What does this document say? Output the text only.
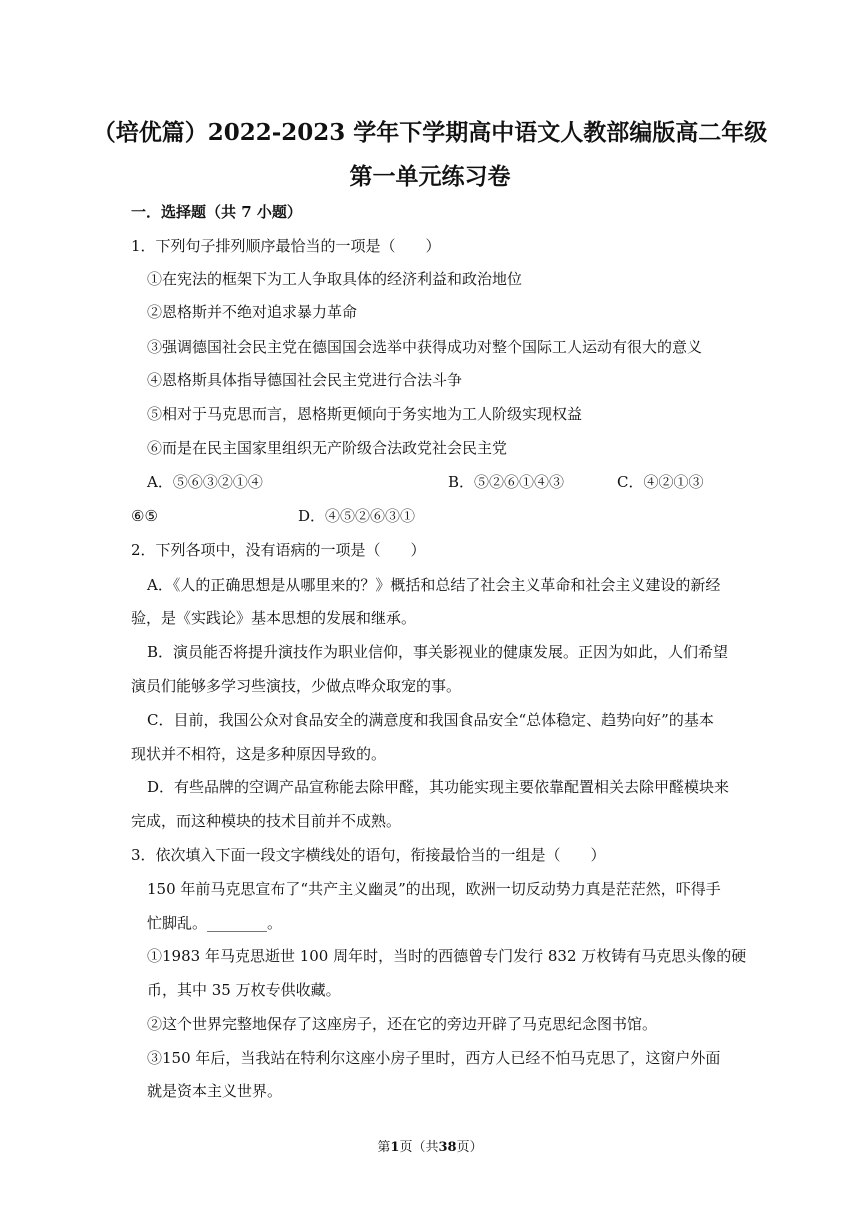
（培优篇）2022-2023 学年下学期高中语文人教部编版高二年级
第一单元练习卷
一．选择题（共 7 小题）
1．下列句子排列顺序最恰当的一项是（　　）
①在宪法的框架下为工人争取具体的经济利益和政治地位
②恩格斯并不绝对追求暴力革命
③强调德国社会民主党在德国国会选举中获得成功对整个国际工人运动有很大的意义
④恩格斯具体指导德国社会民主党进行合法斗争
⑤相对于马克思而言，恩格斯更倾向于务实地为工人阶级实现权益
⑥而是在民主国家里组织无产阶级合法政党社会民主党
A．⑤⑥③②①④	B．⑤②⑥①④③	C．④②①③
⑥⑤	D．④⑤②⑥③①
2．下列各项中，没有语病的一项是（　　）
A．《人的正确思想是从哪里来的？》概括和总结了社会主义革命和社会主义建设的新经
验，是《实践论》基本思想的发展和继承。
B．演员能否将提升演技作为职业信仰，事关影视业的健康发展。正因为如此，人们希望
演员们能够多学习些演技，少做点哗众取宠的事。
C．目前，我国公众对食品安全的满意度和我国食品安全“总体稳定、趋势向好”的基本
现状并不相符，这是多种原因导致的。
D．有些品牌的空调产品宣称能去除甲醛，其功能实现主要依靠配置相关去除甲醛模块来
完成，而这种模块的技术目前并不成熟。
3．依次填入下面一段文字横线处的语句，衔接最恰当的一组是（　　）
150 年前马克思宣布了“共产主义幽灵”的出现，欧洲一切反动势力真是茫茫然，吓得手
忙脚乱。________。
①1983 年马克思逝世 100 周年时，当时的西德曾专门发行 832 万枚铸有马克思头像的硬
币，其中 35 万枚专供收藏。
②这个世界完整地保存了这座房子，还在它的旁边开辟了马克思纪念图书馆。
③150 年后，当我站在特利尔这座小房子里时，西方人已经不怕马克思了，这窗户外面
就是资本主义世界。
第1页（共38页）
